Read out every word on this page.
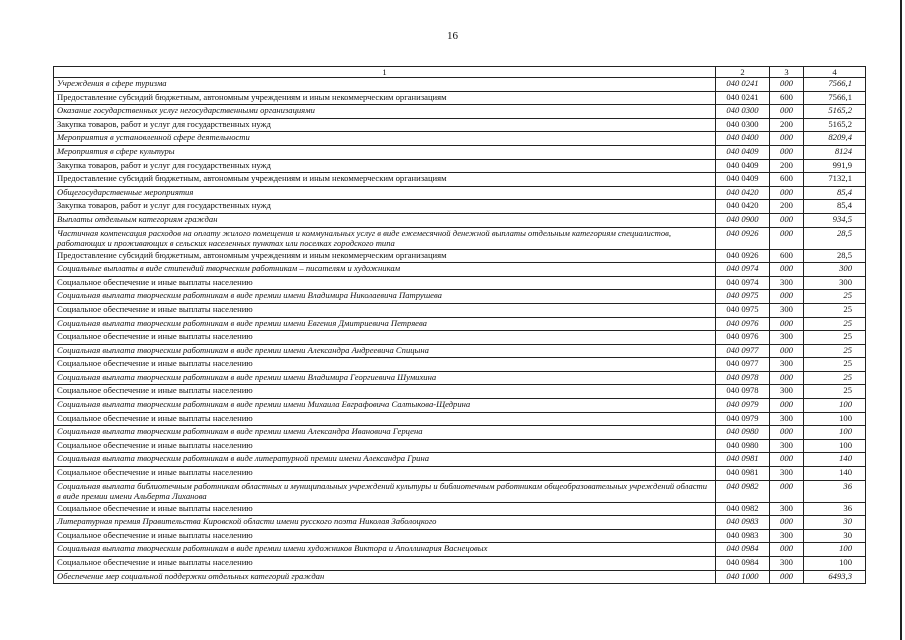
16
1	2	3	4
Учреждения в сфере туризма	040 0241	000	7566,1
Предоставление субсидий бюджетным, автономным учреждениям и иным некоммерческим организациям	040 0241	600	7566,1
Оказание государственных услуг негосударственными организациями	040 0300	000	5165,2
Закупка товаров, работ и услуг для государственных нужд	040 0300	200	5165,2
Мероприятия в установленной сфере деятельности	040 0400	000	8209,4
Мероприятия в сфере культуры	040 0409	000	8124
Закупка товаров, работ и услуг для государственных нужд	040 0409	200	991,9
Предоставление субсидий бюджетным, автономным учреждениям и иным некоммерческим организациям	040 0409	600	7132,1
Общегосударственные мероприятия	040 0420	000	85,4
Закупка товаров, работ и услуг для государственных нужд	040 0420	200	85,4
Выплаты отдельным категориям граждан	040 0900	000	934,5
Частичная компенсация расходов на оплату жилого помещения и коммунальных услуг в виде ежемесячной денежной выплаты отдельным категориям специалистов, работающих и проживающих в сельских населенных пунктах или поселках городского типа	040 0926	000	28,5
Предоставление субсидий бюджетным, автономным учреждениям и иным некоммерческим организациям	040 0926	600	28,5
Социальные выплаты в виде стипендий творческим работникам – писателям и художникам	040 0974	000	300
Социальное обеспечение и иные выплаты населению	040 0974	300	300
Социальная выплата творческим работникам в виде премии имени Владимира Николаевича Патрушева	040 0975	000	25
Социальное обеспечение и иные выплаты населению	040 0975	300	25
Социальная выплата творческим работникам в виде премии имени Евгения Дмитриевича Петряева	040 0976	000	25
Социальное обеспечение и иные выплаты населению	040 0976	300	25
Социальная выплата творческим работникам в виде премии имени Александра Андреевича Спицына	040 0977	000	25
Социальное обеспечение и иные выплаты населению	040 0977	300	25
Социальная выплата творческим работникам в виде премии имени Владимира Георгиевича Шумихина	040 0978	000	25
Социальное обеспечение и иные выплаты населению	040 0978	300	25
Социальная выплата творческим работникам в виде премии имени Михаила Евграфовича Салтыкова-Щедрина	040 0979	000	100
Социальное обеспечение и иные выплаты населению	040 0979	300	100
Социальная выплата творческим работникам в виде премии имени Александра Ивановича Герцена	040 0980	000	100
Социальное обеспечение и иные выплаты населению	040 0980	300	100
Социальная выплата творческим работникам в виде литературной премии имени Александра Грина	040 0981	000	140
Социальное обеспечение и иные выплаты населению	040 0981	300	140
Социальная выплата библиотечным работникам областных и муниципальных учреждений культуры и библиотечным работникам общеобразовательных учреждений области в виде премии имени Альберта Лиханова	040 0982	000	36
Социальное обеспечение и иные выплаты населению	040 0982	300	36
Литературная премия Правительства Кировской области имени русского поэта Николая Заболоцкого	040 0983	000	30
Социальное обеспечение и иные выплаты населению	040 0983	300	30
Социальная выплата творческим работникам в виде премии имени художников Виктора и Аполлинария Васнецовых	040 0984	000	100
Социальное обеспечение и иные выплаты населению	040 0984	300	100
Обеспечение мер социальной поддержки отдельных категорий граждан	040 1000	000	6493,3
